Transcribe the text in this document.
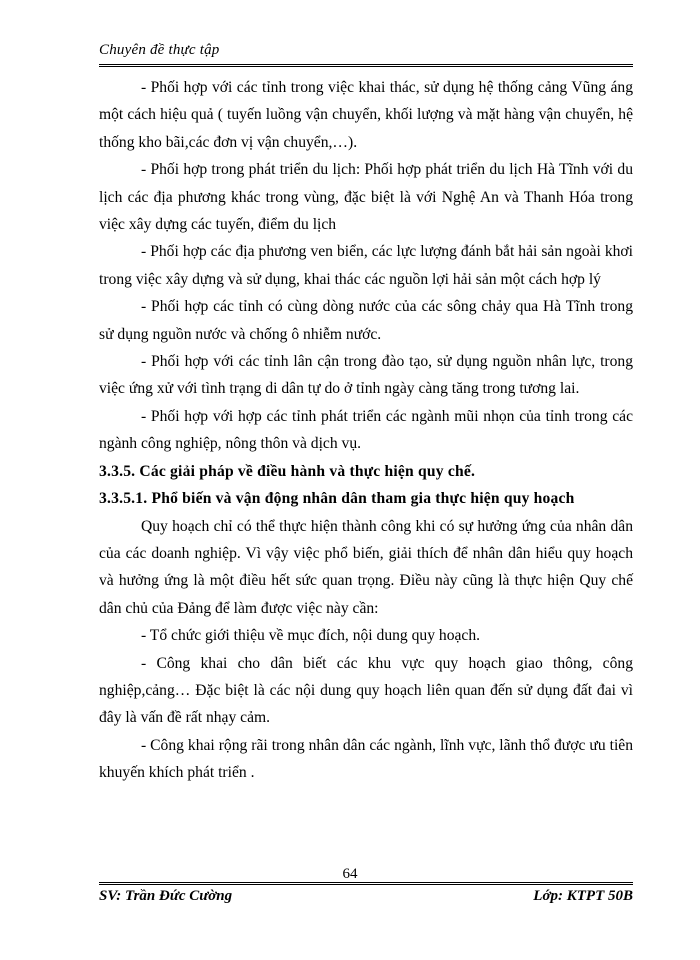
Chuyên đề thực tập

- Phối hợp với các tỉnh trong việc khai thác, sử dụng hệ thống cảng Vũng áng một cách hiệu quả ( tuyến luồng vận chuyển, khối lượng và mặt hàng vận chuyển, hệ thống kho bãi,các đơn vị vận chuyển,…).

- Phối hợp trong phát triển du lịch: Phối hợp phát triển du lịch Hà Tĩnh với du lịch các địa phương khác trong vùng, đặc biệt là với Nghệ An và Thanh Hóa trong việc xây dựng các tuyến, điểm du lịch

- Phối hợp các địa phương ven biển, các lực lượng đánh bắt hải sản ngoài khơi trong việc xây dựng và sử dụng, khai thác các nguồn lợi hải sản một cách hợp lý

- Phối hợp các tỉnh có cùng dòng nước của các sông chảy qua Hà Tĩnh trong sử dụng nguồn nước và chống ô nhiễm nước.

- Phối hợp với các tỉnh lân cận trong đào tạo, sử dụng nguồn nhân lực, trong việc ứng xử với tình trạng di dân tự do ở tỉnh ngày càng tăng trong tương lai.

- Phối hợp với hợp các tỉnh phát triển các ngành mũi nhọn của tỉnh trong các ngành công nghiệp, nông thôn và dịch vụ.

3.3.5. Các giải pháp về điều hành và thực hiện quy chế.

3.3.5.1. Phổ biến và vận động nhân dân tham gia thực hiện quy hoạch

Quy hoạch chỉ có thể thực hiện thành công khi có sự hưởng ứng của nhân dân của các doanh nghiệp. Vì vậy việc phổ biến, giải thích để nhân dân hiểu quy hoạch và hưởng ứng là một điều hết sức quan trọng. Điều này cũng là thực hiện Quy chế dân chủ của Đảng để làm được việc này cần:

- Tổ chức giới thiệu về mục đích, nội dung quy hoạch.

- Công khai cho dân biết các khu vực quy hoạch giao thông, công nghiệp,cảng… Đặc biệt là các nội dung quy hoạch liên quan đến sử dụng đất đai vì đây là vấn đề rất nhạy cảm.

- Công khai rộng rãi trong nhân dân các ngành, lĩnh vực, lãnh thổ được ưu tiên khuyến khích phát triển .

64
SV: Trần Đức Cường	Lớp: KTPT 50B
